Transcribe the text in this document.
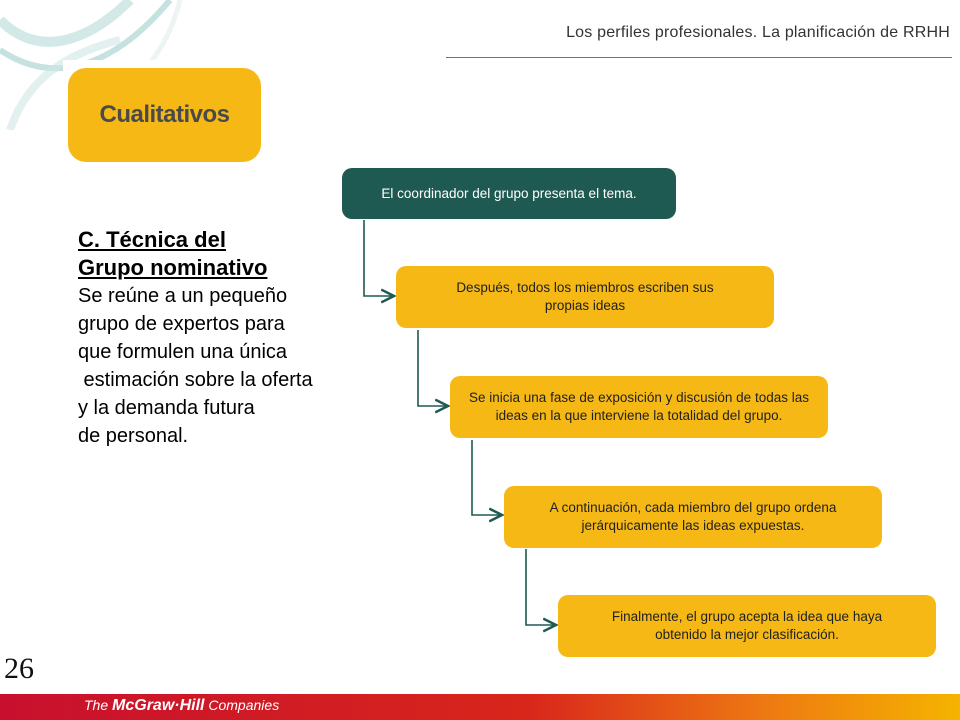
Los perfiles profesionales. La planificación de RRHH
Cualitativos

C. Técnica del

Grupo nominativo

Se reúne a un pequeño

grupo de expertos para

que formulen una única

estimación sobre la oferta

y la demanda futura

de personal.

El coordinador del grupo presenta el tema.
Después, todos los miembros escriben sus propias ideas
Se inicia una fase de exposición y discusión de todas las ideas en la que interviene la totalidad del grupo.
A continuación, cada miembro del grupo ordena jerárquicamente las ideas expuestas.
Finalmente, el grupo acepta la idea que haya obtenido la mejor clasificación.
26
The McGraw·Hill Companies
